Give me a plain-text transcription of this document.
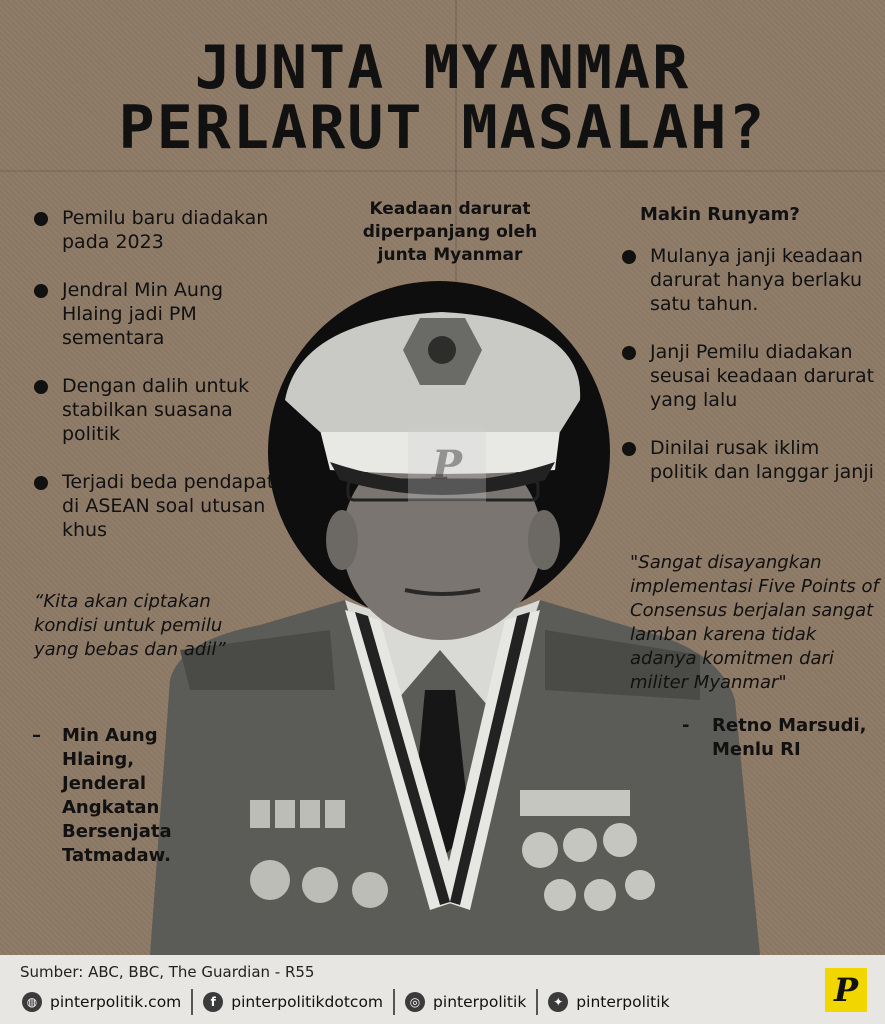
JUNTA MYANMAR
PERLARUT MASALAH?
P
Keadaan darurat diperpanjang oleh junta Myanmar
Pemilu baru diadakan pada 2023
Jendral Min Aung Hlaing jadi PM sementara
Dengan dalih untuk stabilkan suasana politik
Terjadi beda pendapat di ASEAN soal utusan khus
Makin Runyam?
Mulanya janji keadaan darurat hanya berlaku satu tahun.
Janji Pemilu diadakan seusai keadaan darurat yang lalu
Dinilai rusak iklim politik dan langgar janji
“Kita akan ciptakan kondisi untuk pemilu yang bebas dan adil”
– Min Aung Hlaing, Jenderal Angkatan Bersenjata Tatmadaw.
"Sangat disayangkan implementasi Five Points of Consensus berjalan sangat lamban karena tidak adanya komitmen dari militer Myanmar"
- Retno Marsudi, Menlu RI
Sumber: ABC, BBC, The Guardian - R55
◍ pinterpolitik.com	f pinterpolitikdotcom	◎ pinterpolitik	✦ pinterpolitik	P
